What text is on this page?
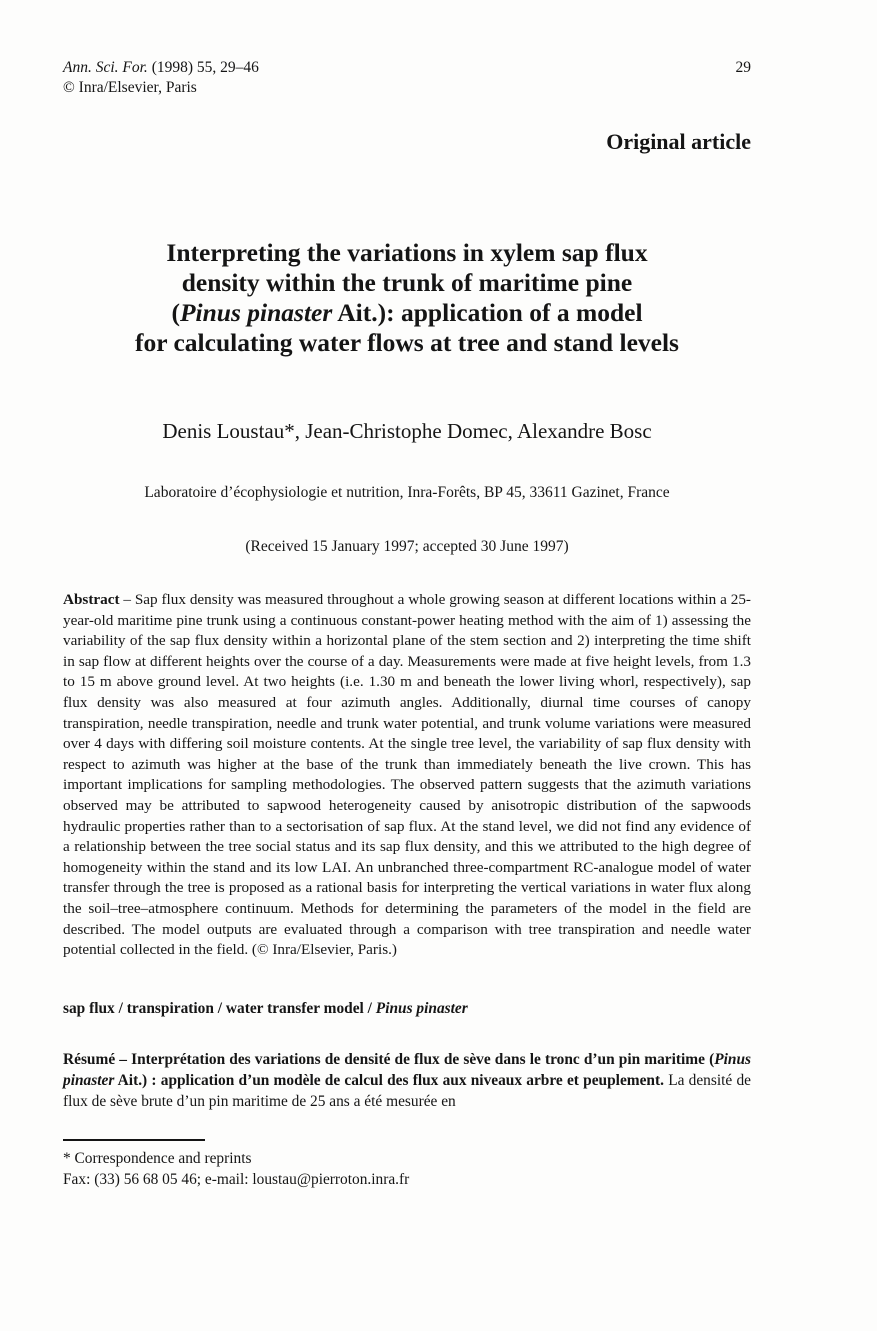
Ann. Sci. For. (1998) 55, 29–46
© Inra/Elsevier, Paris
29
Original article
Interpreting the variations in xylem sap flux
density within the trunk of maritime pine
(Pinus pinaster Ait.): application of a model
for calculating water flows at tree and stand levels
Denis Loustau*, Jean-Christophe Domec, Alexandre Bosc
Laboratoire d’écophysiologie et nutrition, Inra-Forêts, BP 45, 33611 Gazinet, France
(Received 15 January 1997; accepted 30 June 1997)

Abstract – Sap flux density was measured throughout a whole growing season at different locations within a 25-year-old maritime pine trunk using a continuous constant-power heating method with the aim of 1) assessing the variability of the sap flux density within a horizontal plane of the stem section and 2) interpreting the time shift in sap flow at different heights over the course of a day. Measurements were made at five height levels, from 1.3 to 15 m above ground level. At two heights (i.e. 1.30 m and beneath the lower living whorl, respectively), sap flux density was also measured at four azimuth angles. Additionally, diurnal time courses of canopy transpiration, needle transpiration, needle and trunk water potential, and trunk volume variations were measured over 4 days with differing soil moisture contents. At the single tree level, the variability of sap flux density with respect to azimuth was higher at the base of the trunk than immediately beneath the live crown. This has important implications for sampling methodologies. The observed pattern suggests that the azimuth variations observed may be attributed to sapwood heterogeneity caused by anisotropic distribution of the sapwoods hydraulic properties rather than to a sectorisation of sap flux. At the stand level, we did not find any evidence of a relationship between the tree social status and its sap flux density, and this we attributed to the high degree of homogeneity within the stand and its low LAI. An unbranched three-compartment RC-analogue model of water transfer through the tree is proposed as a rational basis for interpreting the vertical variations in water flux along the soil–tree–atmosphere continuum. Methods for determining the parameters of the model in the field are described. The model outputs are evaluated through a comparison with tree transpiration and needle water potential collected in the field. (© Inra/Elsevier, Paris.)

sap flux / transpiration / water transfer model / Pinus pinaster

Résumé – Interprétation des variations de densité de flux de sève dans le tronc d’un pin maritime (Pinus pinaster Ait.) : application d’un modèle de calcul des flux aux niveaux arbre et peuplement. La densité de flux de sève brute d’un pin maritime de 25 ans a été mesurée en

* Correspondence and reprints
Fax: (33) 56 68 05 46; e-mail: loustau@pierroton.inra.fr
